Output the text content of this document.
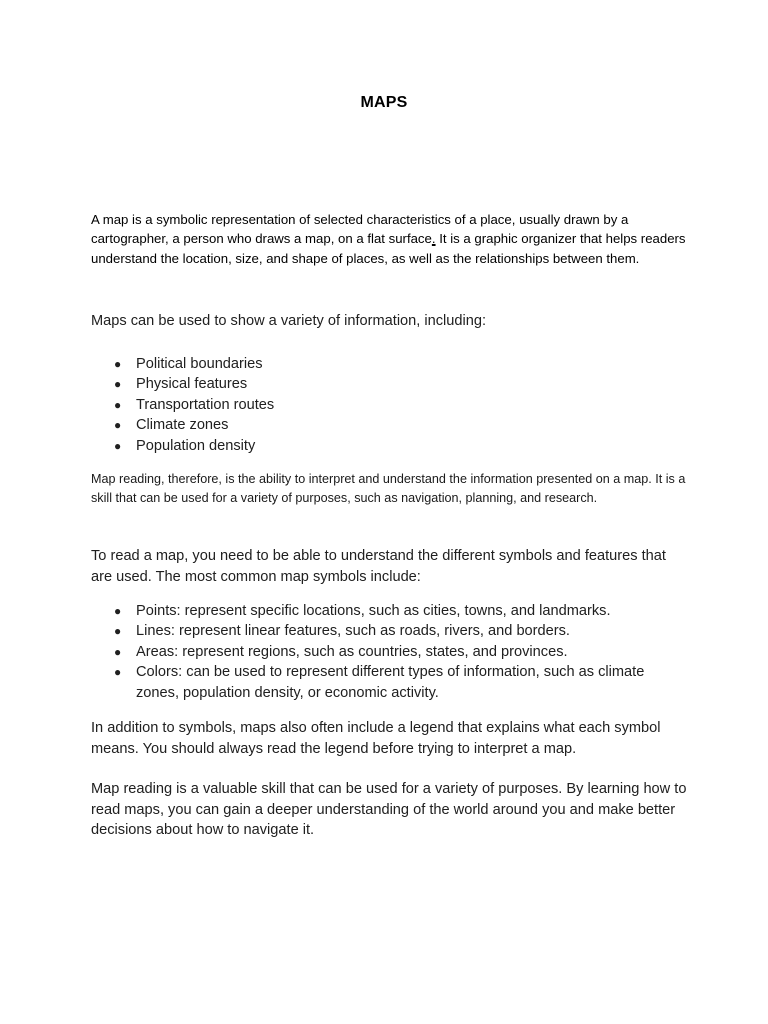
MAPS

A map is a symbolic representation of selected characteristics of a place, usually drawn by a cartographer, a person who draws a map, on a flat surface. It is a graphic organizer that helps readers understand the location, size, and shape of places, as well as the relationships between them.

Maps can be used to show a variety of information, including:

● Political boundaries
● Physical features
● Transportation routes
● Climate zones
● Population density

Map reading, therefore, is the ability to interpret and understand the information presented on a map. It is a skill that can be used for a variety of purposes, such as navigation, planning, and research.

To read a map, you need to be able to understand the different symbols and features that are used. The most common map symbols include:

● Points: represent specific locations, such as cities, towns, and landmarks.
● Lines: represent linear features, such as roads, rivers, and borders.
● Areas: represent regions, such as countries, states, and provinces.
● Colors: can be used to represent different types of information, such as climate zones, population density, or economic activity.

In addition to symbols, maps also often include a legend that explains what each symbol means. You should always read the legend before trying to interpret a map.

Map reading is a valuable skill that can be used for a variety of purposes. By learning how to read maps, you can gain a deeper understanding of the world around you and make better decisions about how to navigate it.
